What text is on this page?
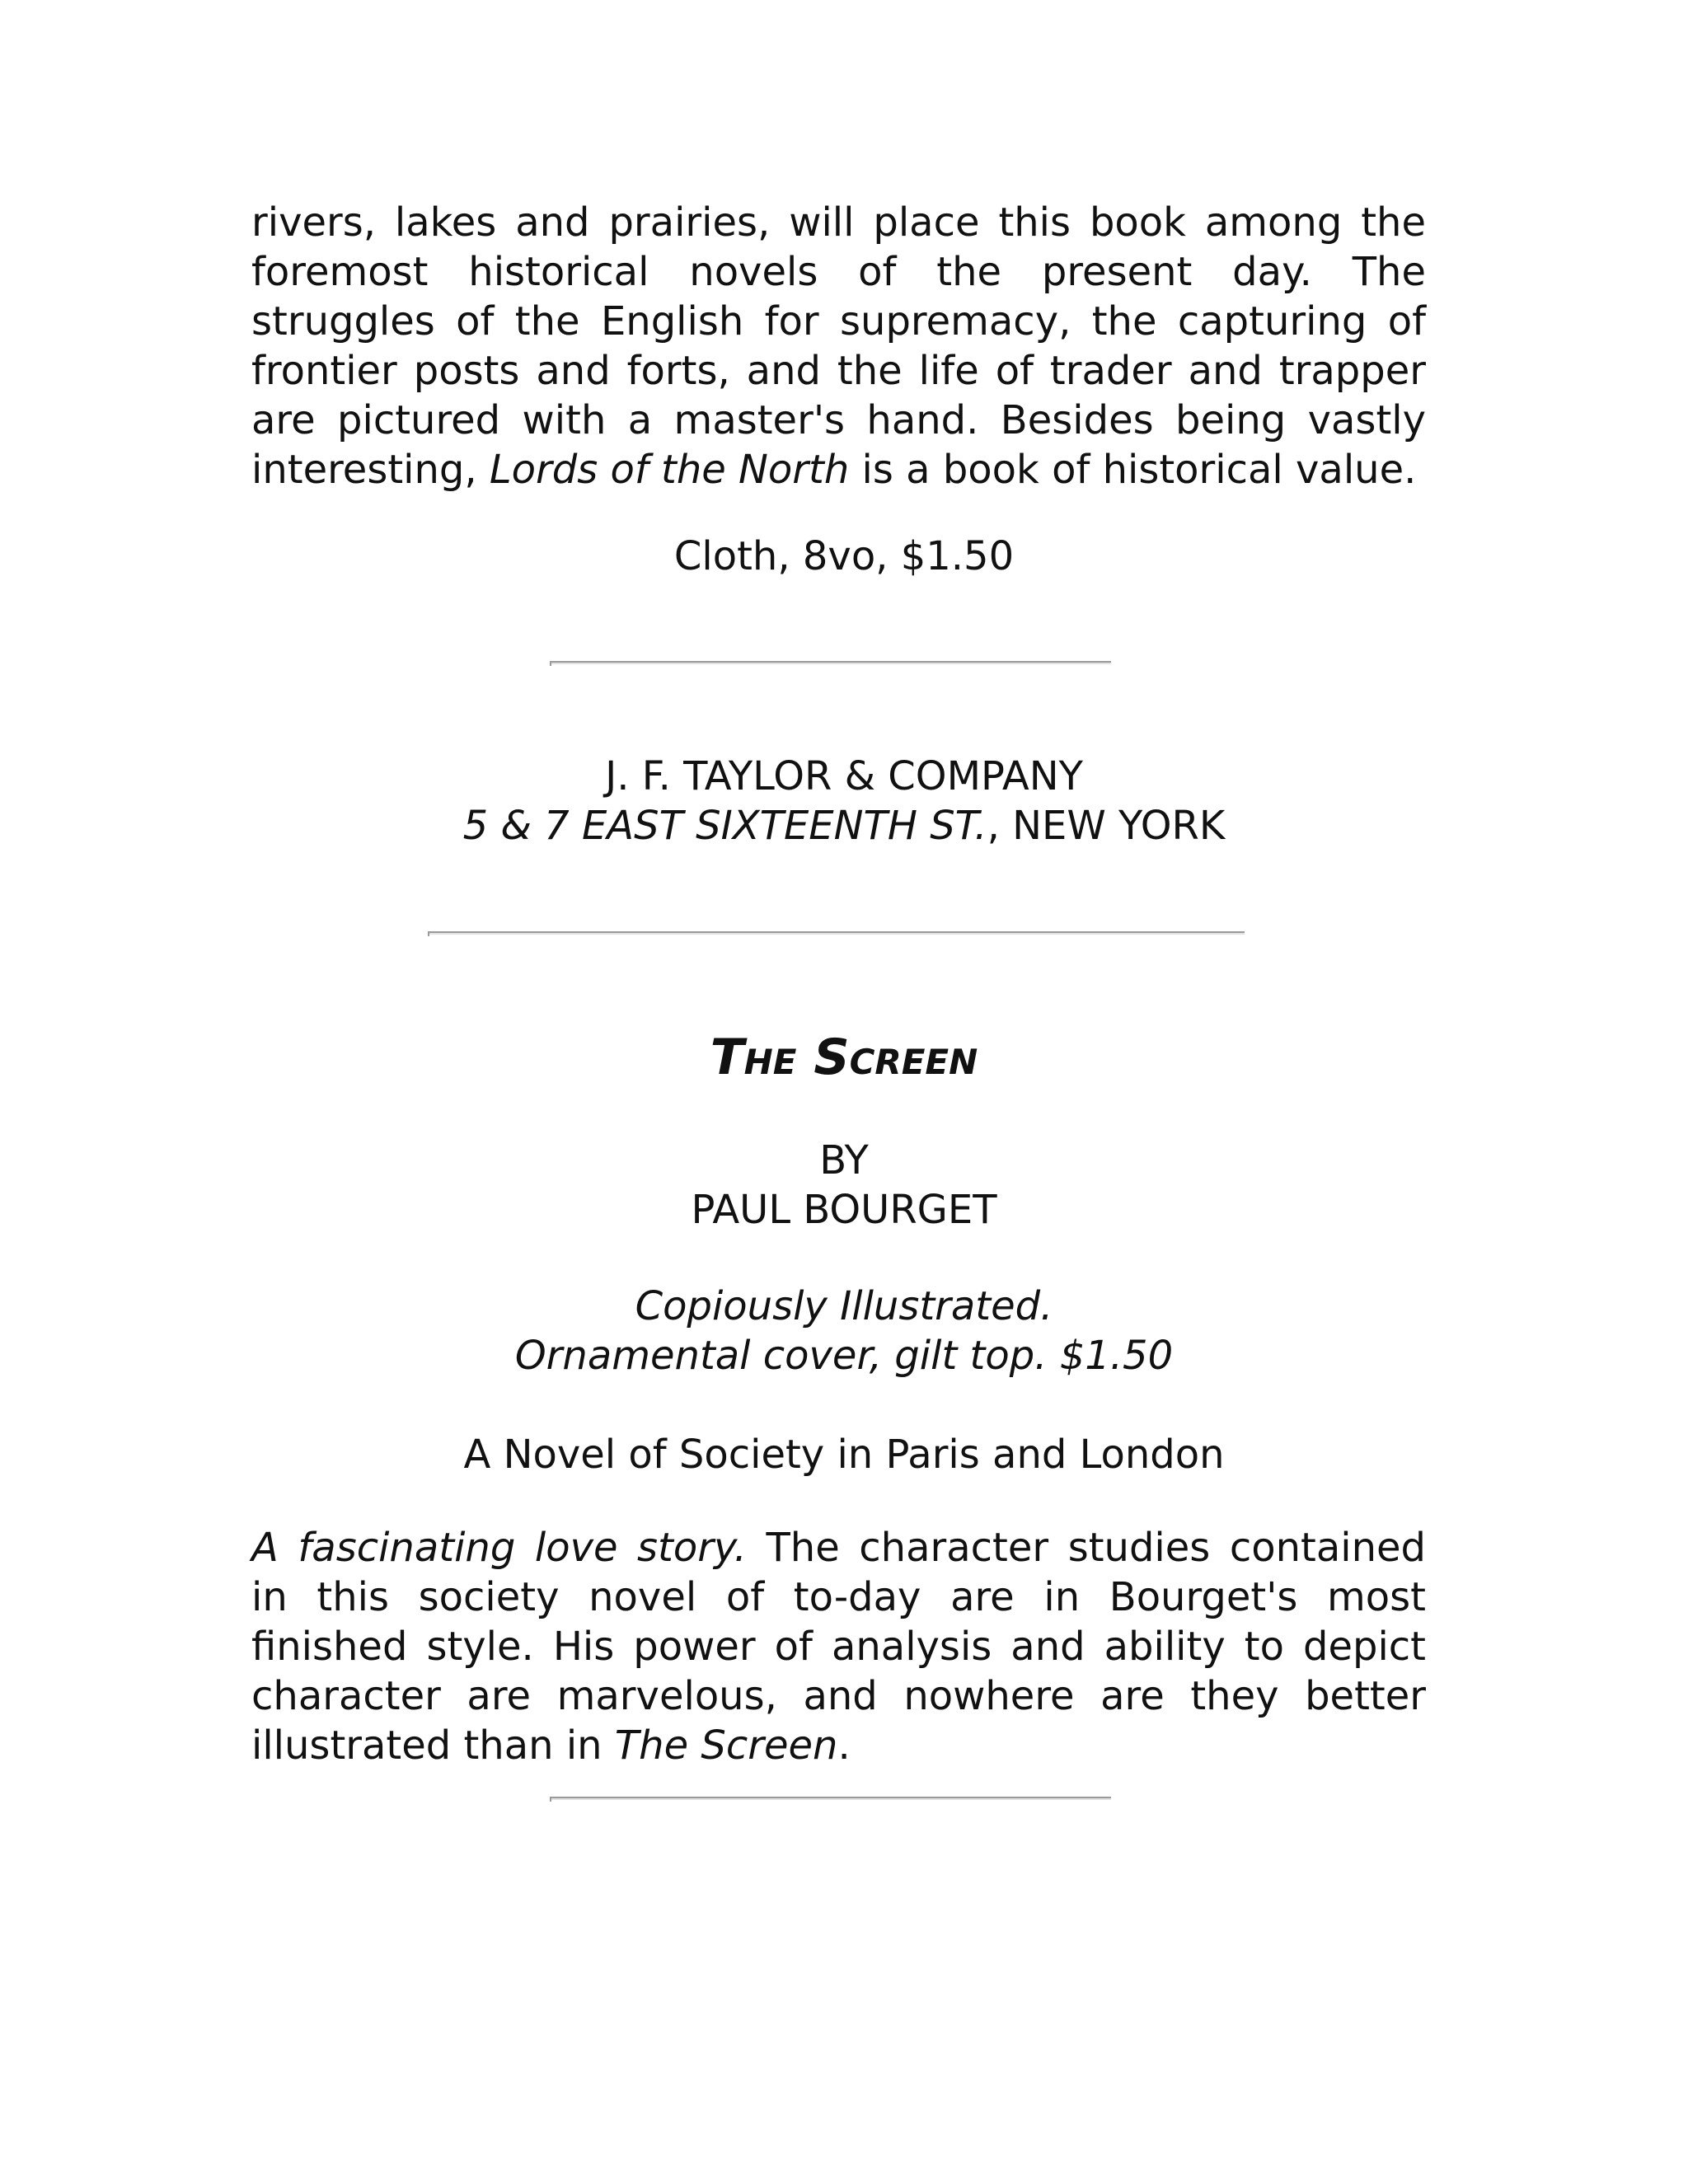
rivers, lakes and prairies, will place this book among the foremost historical novels of the present day. The struggles of the English for supremacy, the capturing of frontier posts and forts, and the life of trader and trapper are pictured with a master's hand. Besides being vastly interesting, Lords of the North is a book of historical value.

Cloth, 8vo, $1.50
J. F. TAYLOR & COMPANY
5 & 7 EAST SIXTEENTH ST., NEW YORK
The Screen
BY
PAUL BOURGET
Copiously Illustrated.
Ornamental cover, gilt top. $1.50
A Novel of Society in Paris and London

A fascinating love story. The character studies contained in this society novel of to-day are in Bourget's most finished style. His power of analysis and ability to depict character are marvelous, and nowhere are they better illustrated than in The Screen.
